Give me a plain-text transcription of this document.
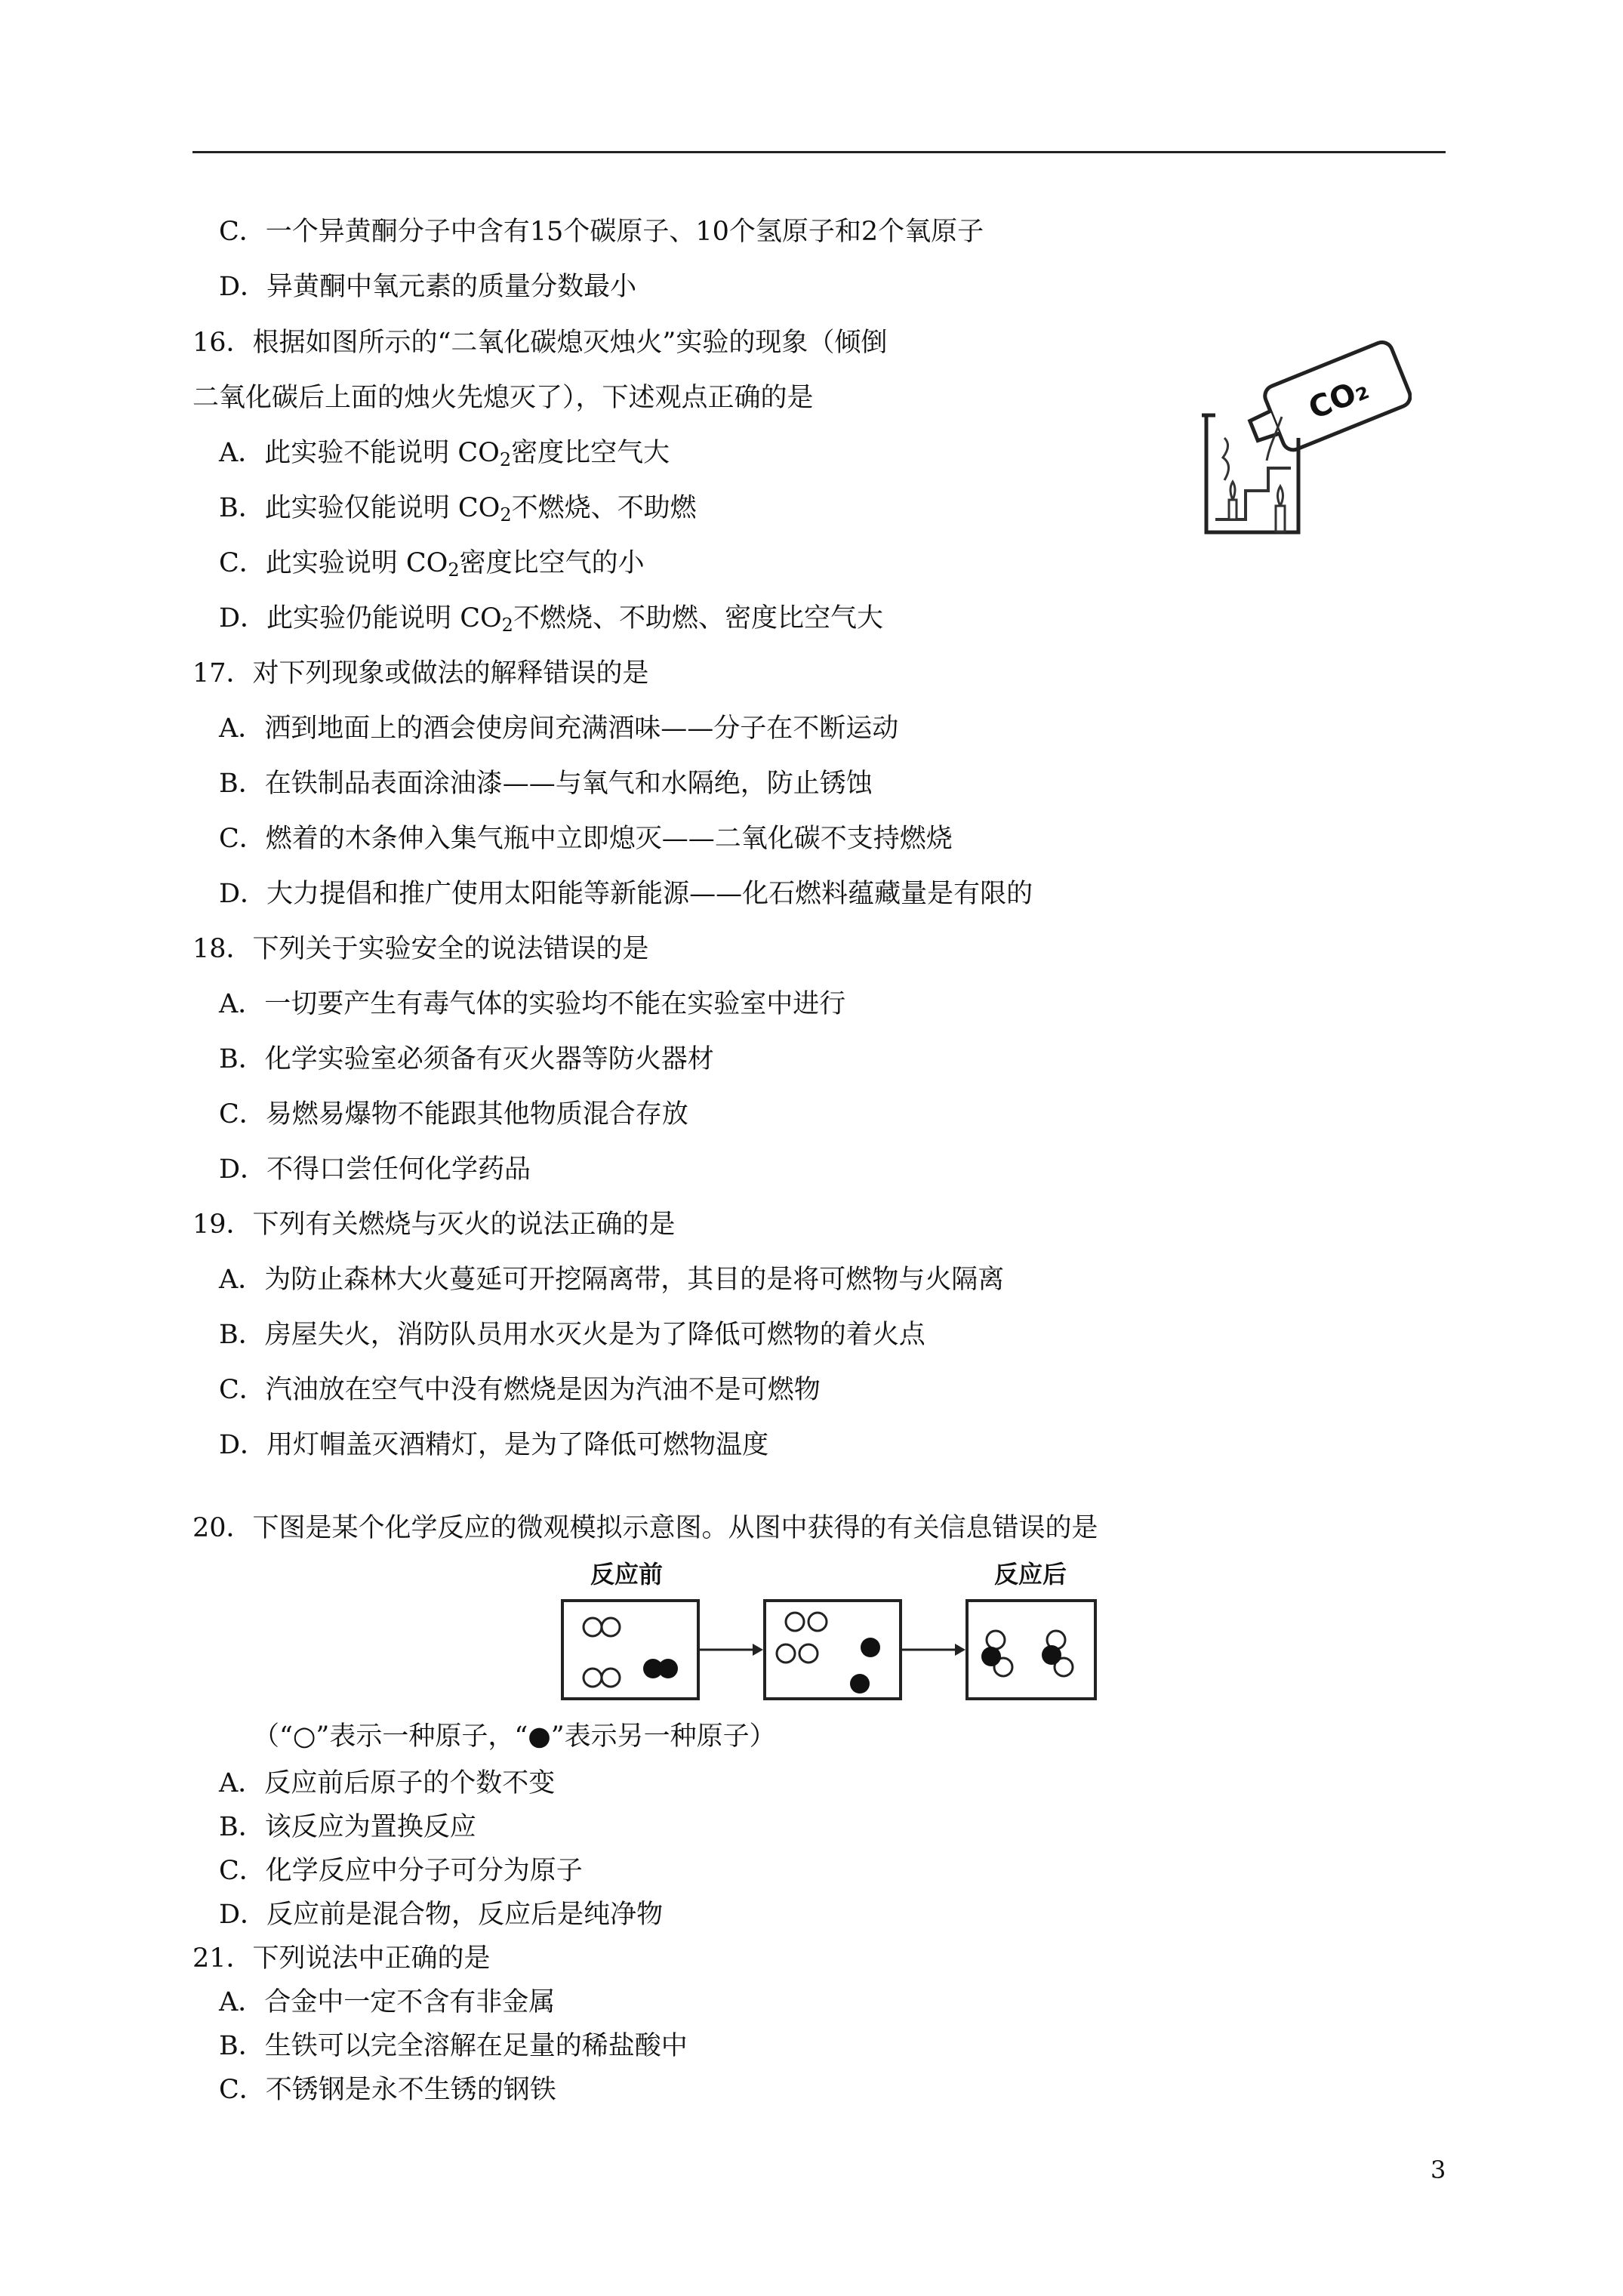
C．一个异黄酮分子中含有15个碳原子、10个氢原子和2个氧原子
D．异黄酮中氧元素的质量分数最小
16．根据如图所示的“二氧化碳熄灭烛火”实验的现象（倾倒
二氧化碳后上面的烛火先熄灭了），下述观点正确的是
A．此实验不能说明 $CO_2$密度比空气大
B．此实验仅能说明 $CO_2$不燃烧、不助燃
C．此实验说明 $CO_2$密度比空气的小
D．此实验仍能说明 $CO_2$不燃烧、不助燃、密度比空气大
CO₂
17．对下列现象或做法的解释错误的是
A．洒到地面上的酒会使房间充满酒味——分子在不断运动
B．在铁制品表面涂油漆——与氧气和水隔绝，防止锈蚀
C．燃着的木条伸入集气瓶中立即熄灭——二氧化碳不支持燃烧
D．大力提倡和推广使用太阳能等新能源——化石燃料蕴藏量是有限的
18．下列关于实验安全的说法错误的是
A．一切要产生有毒气体的实验均不能在实验室中进行
B．化学实验室必须备有灭火器等防火器材
C．易燃易爆物不能跟其他物质混合存放
D．不得口尝任何化学药品
19．下列有关燃烧与灭火的说法正确的是
A．为防止森林大火蔓延可开挖隔离带，其目的是将可燃物与火隔离
B．房屋失火，消防队员用水灭火是为了降低可燃物的着火点
C．汽油放在空气中没有燃烧是因为汽油不是可燃物
D．用灯帽盖灭酒精灯，是为了降低可燃物温度
20．下图是某个化学反应的微观模拟示意图。从图中获得的有关信息错误的是
反应前	反应后
（“○”表示一种原子，“●”表示另一种原子）
A．反应前后原子的个数不变
B．该反应为置换反应
C．化学反应中分子可分为原子
D．反应前是混合物，反应后是纯净物
21．下列说法中正确的是
A．合金中一定不含有非金属
B．生铁可以完全溶解在足量的稀盐酸中
C．不锈钢是永不生锈的钢铁
3
